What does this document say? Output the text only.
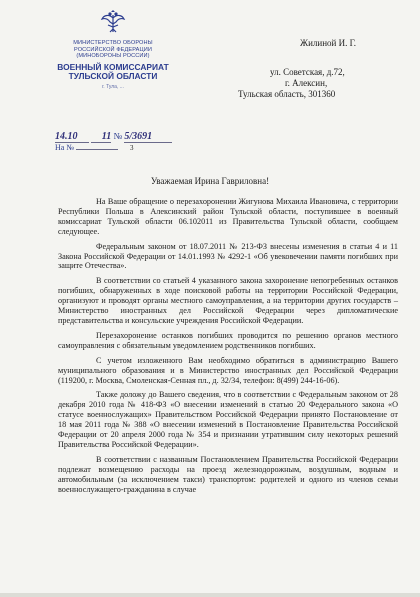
МИНИСТЕРСТВО ОБОРОНЫ
РОССИЙСКОЙ ФЕДЕРАЦИИ
(МИНОБОРОНЫ РОССИИ)
ВОЕННЫЙ КОМИССАРИАТ
ТУЛЬСКОЙ ОБЛАСТИ
г. Тула, ...
14.10 11 № 5/3691
На №	3
Жилиной И. Г.
ул. Советская, д.72,
г. Алексин,
Тульская область, 301360
Уважаемая Ирина Гавриловна!

На Ваше обращение о перезахоронении Жигунова Михаила Ивановича, с территории Республики Польша в Алексинский район Тульской области, поступившее в военный комиссариат Тульской области 06.102011 из Правительства Тульской области, сообщаем следующее.

Федеральным законом от 18.07.2011 № 213-ФЗ внесены изменения в статьи 4 и 11 Закона Российской Федерации от 14.01.1993 № 4292-1 «Об увековечении памяти погибших при защите Отечества».

В соответствии со статьей 4 указанного закона захоронение непогребенных останков погибших, обнаруженных в ходе поисковой работы на территории Российской Федерации, организуют и проводят органы местного самоуправления, а на территории других государств – Министерство иностранных дел Российской Федерации через дипломатические представительства и консульские учреждения Российской Федерации.

Перезахоронение останков погибших проводится по решению органов местного самоуправления с обязательным уведомлением родственников погибших.

С учетом изложенного Вам необходимо обратиться в администрацию Вашего муниципального образования и в Министерство иностранных дел Российской Федерации (119200, г. Москва, Смоленская-Сенная пл., д. 32/34, телефон: 8(499) 244-16-06).

Также доложу до Вашего сведения, что в соответствии с Федеральным законом от 28 декабря 2010 года № 418-ФЗ «О внесении изменений в статью 20 Федерального закона «О статусе военнослужащих» Правительством Российской Федерации принято Постановление от 18 мая 2011 года № 388 «О внесении изменений в Постановление Правительства Российской Федерации от 20 апреля 2000 года № 354 и признании утратившим силу некоторых решений Правительства Российской Федерации».

В соответствии с названным Постановлением Правительства Российской Федерации подлежат возмещению расходы на проезд железнодорожным, воздушным, водным и автомобильным (за исключением такси) транспортом: родителей и одного из членов семьи военнослужащего-гражданина в случае
